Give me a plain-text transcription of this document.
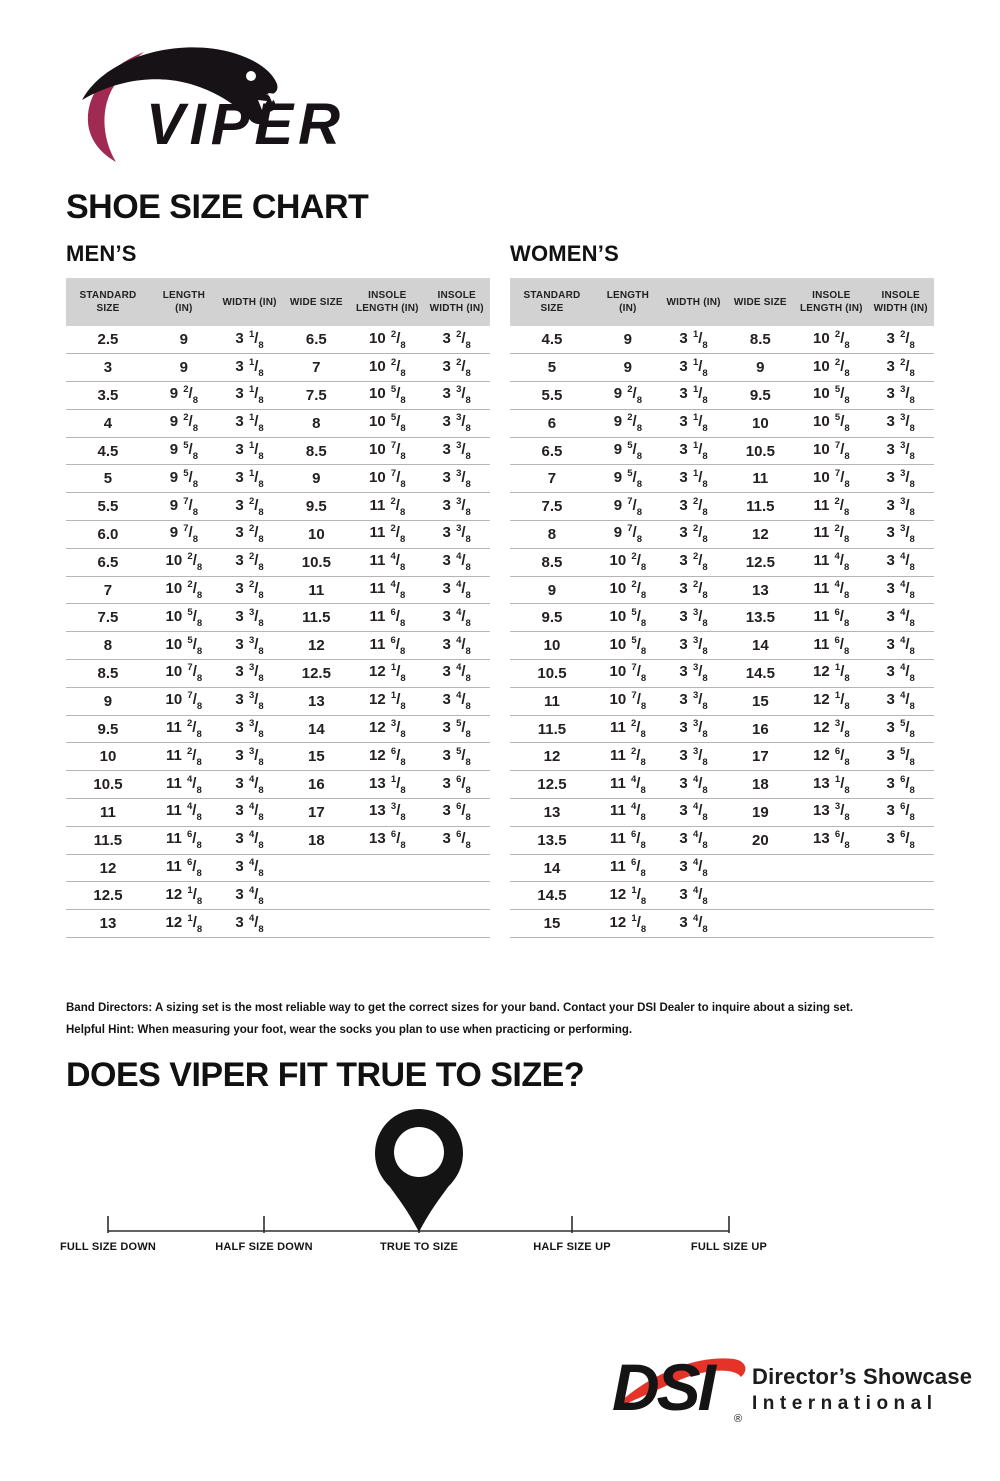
VIPER
SHOE SIZE CHART
MEN’S
STANDARD SIZE	LENGTH (IN)	WIDTH (IN)	WIDE SIZE	INSOLE LENGTH (IN)	INSOLE WIDTH (IN)
2.5	9	3 $^1/_8$	6.5	10 $^2/_8$	3 $^2/_8$
3	9	3 $^1/_8$	7	10 $^2/_8$	3 $^2/_8$
3.5	9 $^2/_8$	3 $^1/_8$	7.5	10 $^5/_8$	3 $^3/_8$
4	9 $^2/_8$	3 $^1/_8$	8	10 $^5/_8$	3 $^3/_8$
4.5	9 $^5/_8$	3 $^1/_8$	8.5	10 $^7/_8$	3 $^3/_8$
5	9 $^5/_8$	3 $^1/_8$	9	10 $^7/_8$	3 $^3/_8$
5.5	9 $^7/_8$	3 $^2/_8$	9.5	11 $^2/_8$	3 $^3/_8$
6.0	9 $^7/_8$	3 $^2/_8$	10	11 $^2/_8$	3 $^3/_8$
6.5	10 $^2/_8$	3 $^2/_8$	10.5	11 $^4/_8$	3 $^4/_8$
7	10 $^2/_8$	3 $^2/_8$	11	11 $^4/_8$	3 $^4/_8$
7.5	10 $^5/_8$	3 $^3/_8$	11.5	11 $^6/_8$	3 $^4/_8$
8	10 $^5/_8$	3 $^3/_8$	12	11 $^6/_8$	3 $^4/_8$
8.5	10 $^7/_8$	3 $^3/_8$	12.5	12 $^1/_8$	3 $^4/_8$
9	10 $^7/_8$	3 $^3/_8$	13	12 $^1/_8$	3 $^4/_8$
9.5	11 $^2/_8$	3 $^3/_8$	14	12 $^3/_8$	3 $^5/_8$
10	11 $^2/_8$	3 $^3/_8$	15	12 $^6/_8$	3 $^5/_8$
10.5	11 $^4/_8$	3 $^4/_8$	16	13 $^1/_8$	3 $^6/_8$
11	11 $^4/_8$	3 $^4/_8$	17	13 $^3/_8$	3 $^6/_8$
11.5	11 $^6/_8$	3 $^4/_8$	18	13 $^6/_8$	3 $^6/_8$
12	11 $^6/_8$	3 $^4/_8$			
12.5	12 $^1/_8$	3 $^4/_8$			
13	12 $^1/_8$	3 $^4/_8$			
WOMEN’S
STANDARD SIZE	LENGTH (IN)	WIDTH (IN)	WIDE SIZE	INSOLE LENGTH (IN)	INSOLE WIDTH (IN)
4.5	9	3 $^1/_8$	8.5	10 $^2/_8$	3 $^2/_8$
5	9	3 $^1/_8$	9	10 $^2/_8$	3 $^2/_8$
5.5	9 $^2/_8$	3 $^1/_8$	9.5	10 $^5/_8$	3 $^3/_8$
6	9 $^2/_8$	3 $^1/_8$	10	10 $^5/_8$	3 $^3/_8$
6.5	9 $^5/_8$	3 $^1/_8$	10.5	10 $^7/_8$	3 $^3/_8$
7	9 $^5/_8$	3 $^1/_8$	11	10 $^7/_8$	3 $^3/_8$
7.5	9 $^7/_8$	3 $^2/_8$	11.5	11 $^2/_8$	3 $^3/_8$
8	9 $^7/_8$	3 $^2/_8$	12	11 $^2/_8$	3 $^3/_8$
8.5	10 $^2/_8$	3 $^2/_8$	12.5	11 $^4/_8$	3 $^4/_8$
9	10 $^2/_8$	3 $^2/_8$	13	11 $^4/_8$	3 $^4/_8$
9.5	10 $^5/_8$	3 $^3/_8$	13.5	11 $^6/_8$	3 $^4/_8$
10	10 $^5/_8$	3 $^3/_8$	14	11 $^6/_8$	3 $^4/_8$
10.5	10 $^7/_8$	3 $^3/_8$	14.5	12 $^1/_8$	3 $^4/_8$
11	10 $^7/_8$	3 $^3/_8$	15	12 $^1/_8$	3 $^4/_8$
11.5	11 $^2/_8$	3 $^3/_8$	16	12 $^3/_8$	3 $^5/_8$
12	11 $^2/_8$	3 $^3/_8$	17	12 $^6/_8$	3 $^5/_8$
12.5	11 $^4/_8$	3 $^4/_8$	18	13 $^1/_8$	3 $^6/_8$
13	11 $^4/_8$	3 $^4/_8$	19	13 $^3/_8$	3 $^6/_8$
13.5	11 $^6/_8$	3 $^4/_8$	20	13 $^6/_8$	3 $^6/_8$
14	11 $^6/_8$	3 $^4/_8$			
14.5	12 $^1/_8$	3 $^4/_8$			
15	12 $^1/_8$	3 $^4/_8$			
Band Directors: A sizing set is the most reliable way to get the correct sizes for your band. Contact your DSI Dealer to inquire about a sizing set.
Helpful Hint: When measuring your foot, wear the socks you plan to use when practicing or performing.
DOES VIPER FIT TRUE TO SIZE?
FULL SIZE DOWN	HALF SIZE DOWN	TRUE TO SIZE	HALF SIZE UP	FULL SIZE UP
DSI	®
Director’s Showcase
International
